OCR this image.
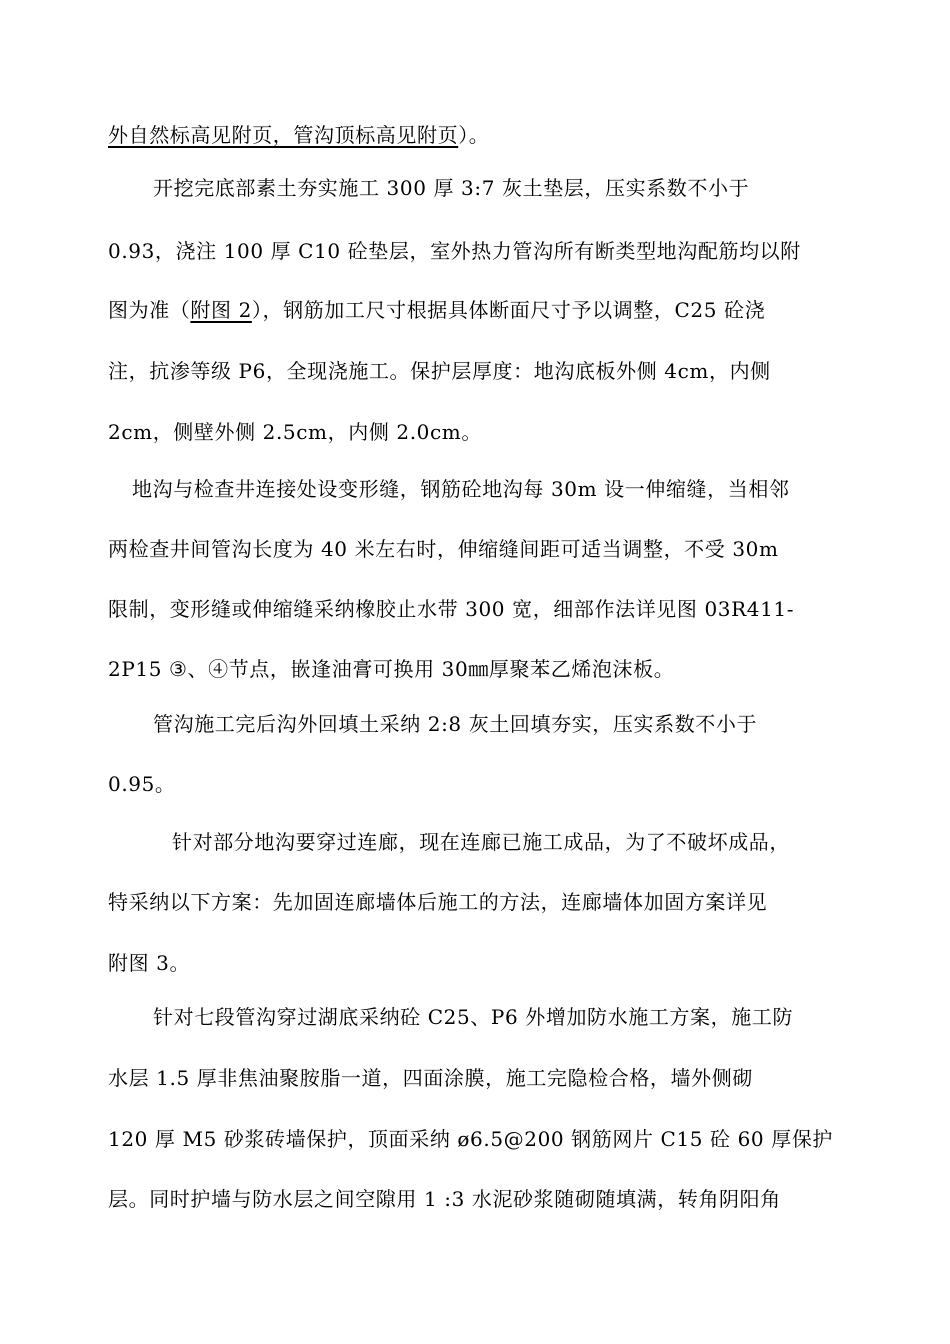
外自然标高见附页，管沟顶标高见附页）。
开挖完底部素土夯实施工 300 厚 3:7 灰土垫层，压实系数不小于
0.93，浇注 100 厚 C10 砼垫层，室外热力管沟所有断类型地沟配筋均以附
图为准（附图 2），钢筋加工尺寸根据具体断面尺寸予以调整，C25 砼浇
注，抗渗等级 P6，全现浇施工。保护层厚度：地沟底板外侧 4cm，内侧
2cm，侧壁外侧 2.5cm，内侧 2.0cm。
地沟与检查井连接处设变形缝，钢筋砼地沟每 30m 设一伸缩缝，当相邻
两检查井间管沟长度为 40 米左右时，伸缩缝间距可适当调整，不受 30m
限制，变形缝或伸缩缝采纳橡胶止水带 300 宽，细部作法详见图 03R411-
2P15 ③、④节点，嵌逢油膏可换用 30㎜厚聚苯乙烯泡沫板。
管沟施工完后沟外回填土采纳 2:8 灰土回填夯实，压实系数不小于
0.95。
针对部分地沟要穿过连廊，现在连廊已施工成品，为了不破坏成品，
特采纳以下方案：先加固连廊墙体后施工的方法，连廊墙体加固方案详见
附图 3。
针对七段管沟穿过湖底采纳砼 C25、P6 外增加防水施工方案，施工防
水层 1.5 厚非焦油聚胺脂一道，四面涂膜，施工完隐检合格，墙外侧砌
120 厚 M5 砂浆砖墙保护，顶面采纳 ø6.5@200 钢筋网片 C15 砼 60 厚保护
层。同时护墙与防水层之间空隙用 1 :3 水泥砂浆随砌随填满，转角阴阳角
